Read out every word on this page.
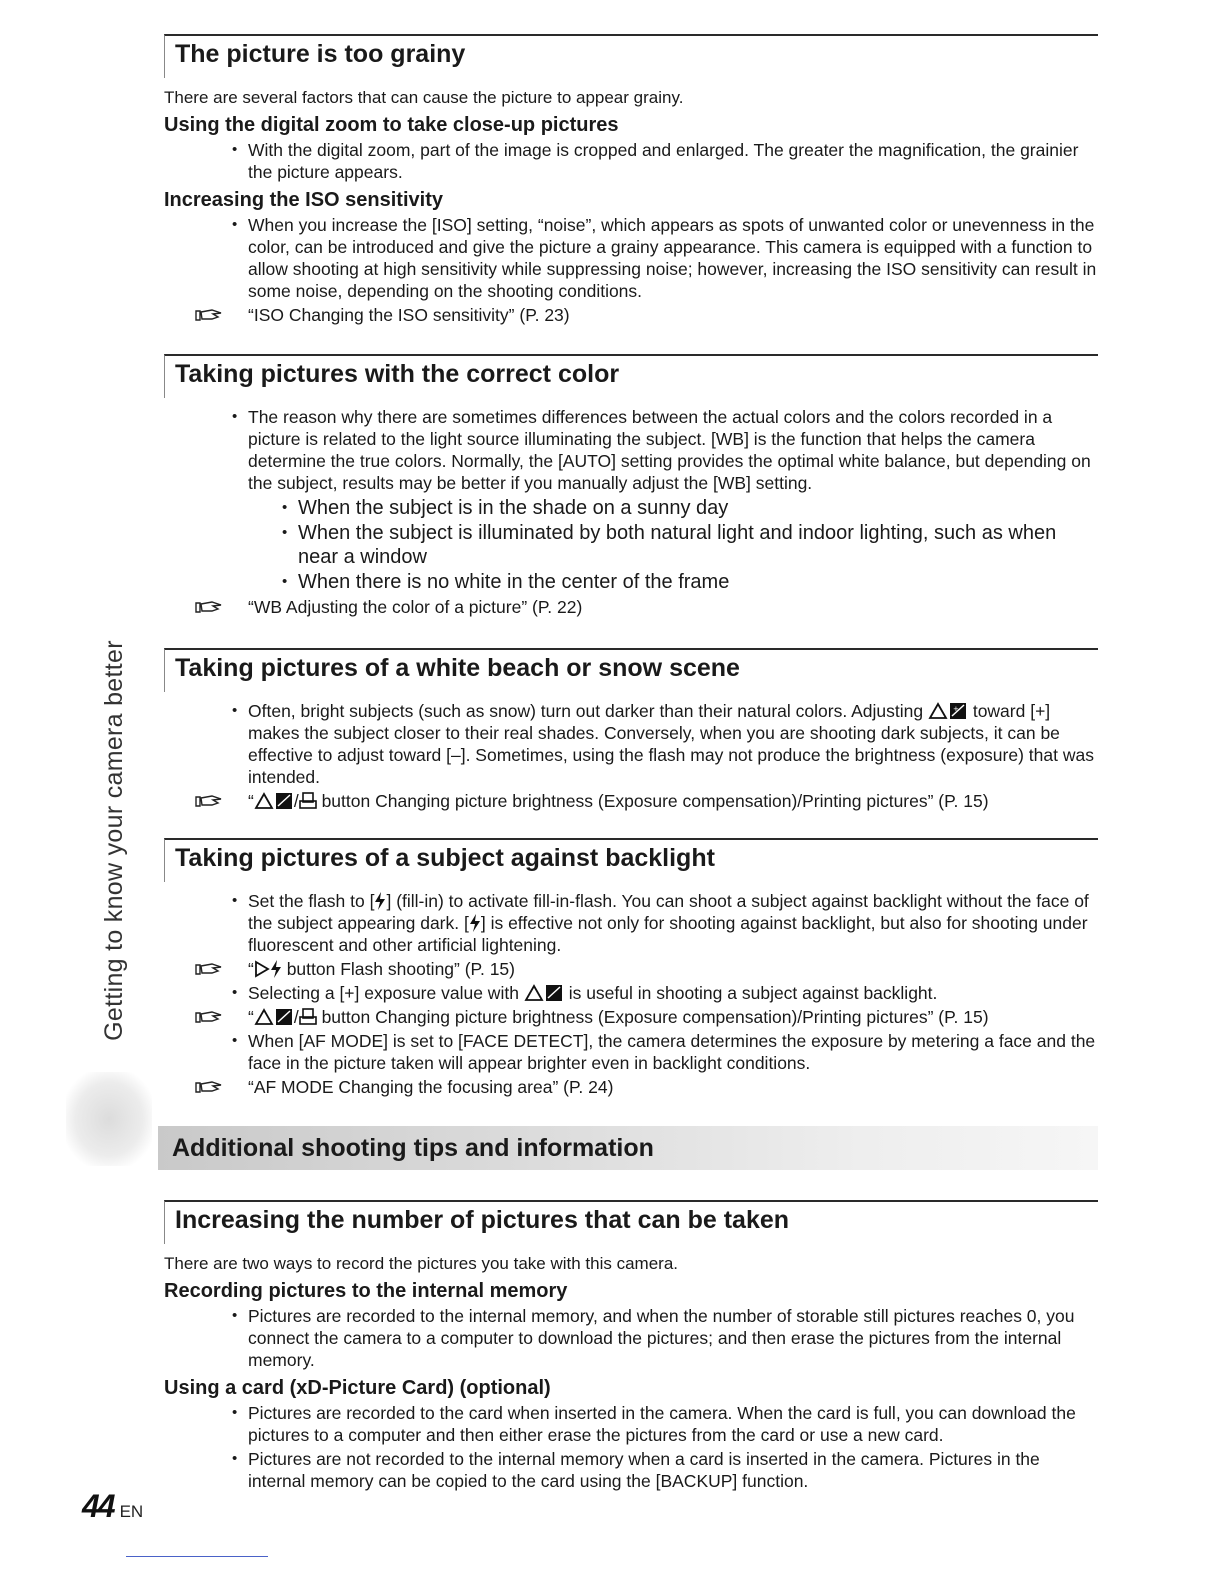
Getting to know your camera better
The picture is too grainy

There are several factors that can cause the picture to appear grainy.

Using the digital zoom to take close-up pictures
• With the digital zoom, part of the image is cropped and enlarged. The greater the magnification, the grainier the picture appears.
Increasing the ISO sensitivity
• When you increase the [ISO] setting, “noise”, which appears as spots of unwanted color or unevenness in the color, can be introduced and give the picture a grainy appearance. This camera is equipped with a function to allow shooting at high sensitivity while suppressing noise; however, increasing the ISO sensitivity can result in some noise, depending on the shooting conditions.
“ISO Changing the ISO sensitivity” (P. 23)
Taking pictures with the correct color
• The reason why there are sometimes differences between the actual colors and the colors recorded in a picture is related to the light source illuminating the subject. [WB] is the function that helps the camera determine the true colors. Normally, the [AUTO] setting provides the optimal white balance, but depending on the subject, results may be better if you manually adjust the [WB] setting.
• When the subject is in the shade on a sunny day
• When the subject is illuminated by both natural light and indoor lighting, such as when near a window
• When there is no white in the center of the frame
“WB Adjusting the color of a picture” (P. 22)
Taking pictures of a white beach or snow scene
• Often, bright subjects (such as snow) turn out darker than their natural colors. Adjusting	+ toward [+] makes the subject closer to their real shades. Conversely, when you are shooting dark subjects, it can be effective to adjust toward [–]. Sometimes, using the flash may not produce the brightness (exposure) that was intended.
“ / button Changing picture brightness (Exposure compensation)/Printing pictures” (P. 15)
Taking pictures of a subject against backlight
• Set the flash to [ ] (fill-in) to activate fill-in-flash. You can shoot a subject against backlight without the face of the subject appearing dark. [ ] is effective not only for shooting against backlight, but also for shooting under fluorescent and other artificial lightening.
“ button Flash shooting” (P. 15)
• Selecting a [+] exposure value with	is useful in shooting a subject against backlight.
“ / button Changing picture brightness (Exposure compensation)/Printing pictures” (P. 15)
• When [AF MODE] is set to [FACE DETECT], the camera determines the exposure by metering a face and the face in the picture taken will appear brighter even in backlight conditions.
“AF MODE Changing the focusing area” (P. 24)
Additional shooting tips and information
Increasing the number of pictures that can be taken

There are two ways to record the pictures you take with this camera.

Recording pictures to the internal memory
• Pictures are recorded to the internal memory, and when the number of storable still pictures reaches 0, you connect the camera to a computer to download the pictures; and then erase the pictures from the internal memory.
Using a card (xD-Picture Card) (optional)
• Pictures are recorded to the card when inserted in the camera. When the card is full, you can download the pictures to a computer and then either erase the pictures from the card or use a new card.
• Pictures are not recorded to the internal memory when a card is inserted in the camera. Pictures in the internal memory can be copied to the card using the [BACKUP] function.
44 EN
